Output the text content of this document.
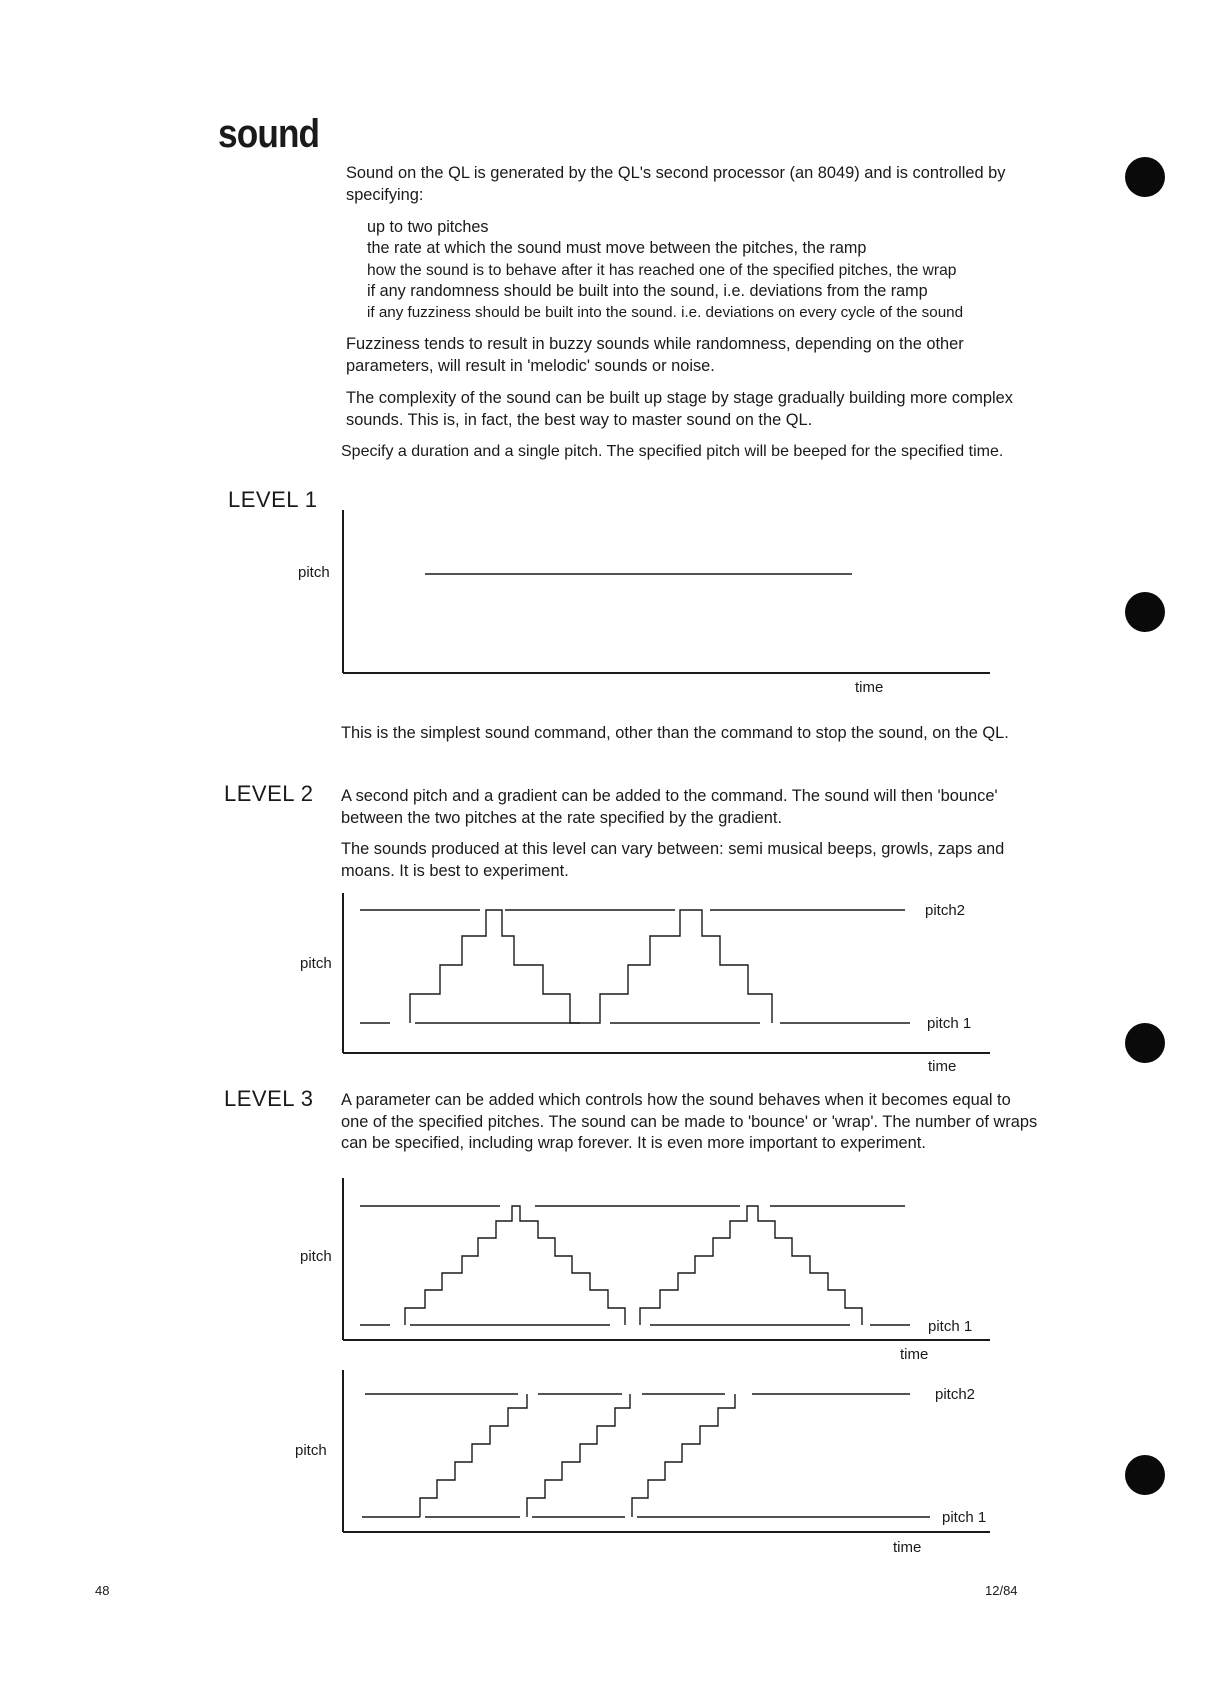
sound
Sound on the QL is generated by the QL's second processor (an 8049) and is controlled by specifying:
up to two pitches
the rate at which the sound must move between the pitches, the ramp
how the sound is to behave after it has reached one of the specified pitches, the wrap
if any randomness should be built into the sound, i.e. deviations from the ramp
if any fuzziness should be built into the sound. i.e. deviations on every cycle of the sound
Fuzziness tends to result in buzzy sounds while randomness, depending on the other parameters, will result in 'melodic' sounds or noise.
The complexity of the sound can be built up stage by stage gradually building more complex sounds. This is, in fact, the best way to master sound on the QL.
Specify a duration and a single pitch. The specified pitch will be beeped for the specified time.
LEVEL 1
pitch
time
This is the simplest sound command, other than the command to stop the sound, on the QL.
LEVEL 2 A second pitch and a gradient can be added to the command. The sound will then 'bounce' between the two pitches at the rate specified by the gradient.
The sounds produced at this level can vary between: semi musical beeps, growls, zaps and moans. It is best to experiment.
pitch
pitch2
pitch 1
time
LEVEL 3 A parameter can be added which controls how the sound behaves when it becomes equal to one of the specified pitches. The sound can be made to 'bounce' or 'wrap'. The number of wraps can be specified, including wrap forever. It is even more important to experiment.
pitch
pitch 1
time
pitch
pitch2
pitch 1
time
48	12/84
